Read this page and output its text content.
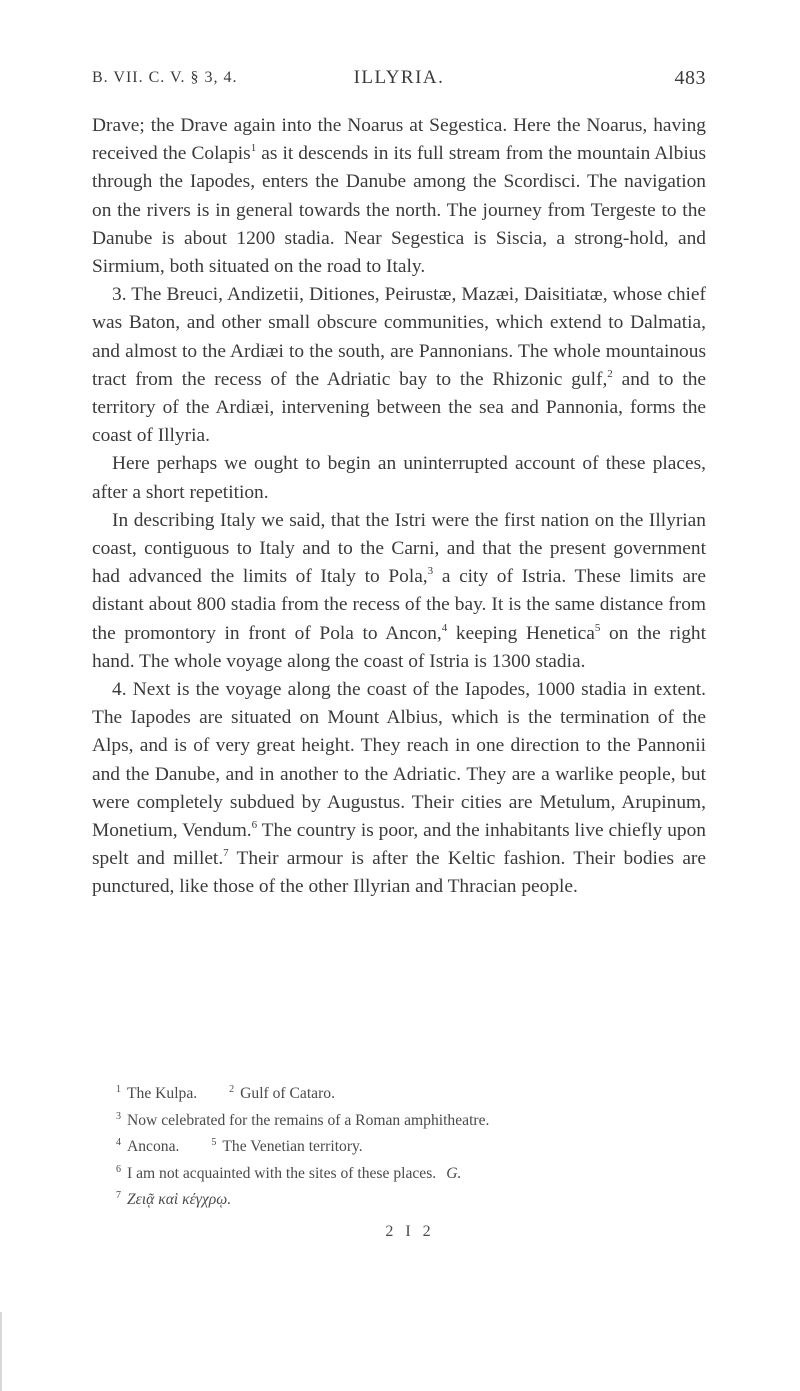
B. VII. C. V. § 3, 4.	ILLYRIA.	483

Drave; the Drave again into the Noarus at Segestica. Here the Noarus, having received the Colapis$^1$ as it descends in its full stream from the mountain Albius through the Iapodes, enters the Danube among the Scordisci. The navigation on the rivers is in general towards the north. The journey from Tergeste to the Danube is about 1200 stadia. Near Segestica is Siscia, a strong-hold, and Sirmium, both situated on the road to Italy.

3. The Breuci, Andizetii, Ditiones, Peirustæ, Mazæi, Daisitiatæ, whose chief was Baton, and other small obscure communities, which extend to Dalmatia, and almost to the Ardiæi to the south, are Pannonians. The whole mountainous tract from the recess of the Adriatic bay to the Rhizonic gulf,$^2$ and to the territory of the Ardiæi, intervening between the sea and Pannonia, forms the coast of Illyria.

Here perhaps we ought to begin an uninterrupted account of these places, after a short repetition.

In describing Italy we said, that the Istri were the first nation on the Illyrian coast, contiguous to Italy and to the Carni, and that the present government had advanced the limits of Italy to Pola,$^3$ a city of Istria. These limits are distant about 800 stadia from the recess of the bay. It is the same distance from the promontory in front of Pola to Ancon,$^4$ keeping Henetica$^5$ on the right hand. The whole voyage along the coast of Istria is 1300 stadia.

4. Next is the voyage along the coast of the Iapodes, 1000 stadia in extent. The Iapodes are situated on Mount Albius, which is the termination of the Alps, and is of very great height. They reach in one direction to the Pannonii and the Danube, and in another to the Adriatic. They are a warlike people, but were completely subdued by Augustus. Their cities are Metulum, Arupinum, Monetium, Vendum.$^6$ The country is poor, and the inhabitants live chiefly upon spelt and millet.$^7$ Their armour is after the Keltic fashion. Their bodies are punctured, like those of the other Illyrian and Thracian people.

$^1$ The Kulpa.	$^2$ Gulf of Cataro.

$^3$ Now celebrated for the remains of a Roman amphitheatre.

$^4$ Ancona.	$^5$ The Venetian territory.

$^6$ I am not acquainted with the sites of these places. G.

$^7$ Ζειᾷ καὶ κέγχρῳ.

2 I 2
